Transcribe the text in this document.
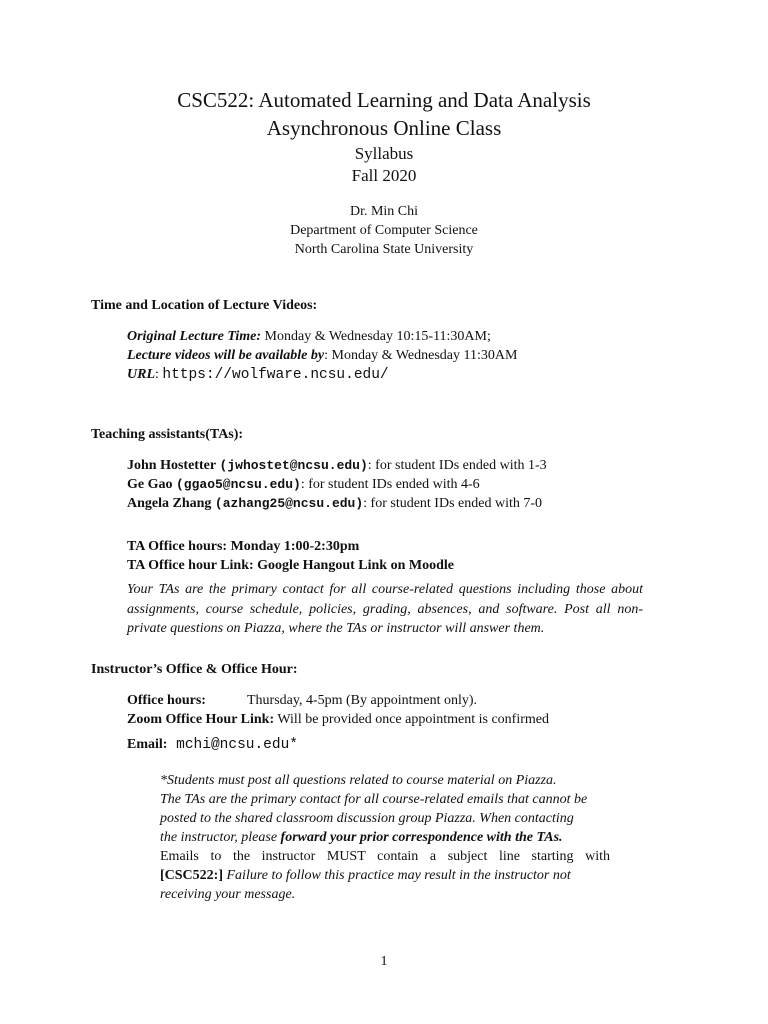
CSC522: Automated Learning and Data Analysis
Asynchronous Online Class
Syllabus
Fall 2020
Dr. Min Chi
Department of Computer Science
North Carolina State University
Time and Location of Lecture Videos:
Original Lecture Time: Monday & Wednesday 10:15-11:30AM;
Lecture videos will be available by: Monday & Wednesday 11:30AM
URL: https://wolfware.ncsu.edu/
Teaching assistants(TAs):
John Hostetter (jwhostet@ncsu.edu): for student IDs ended with 1-3
Ge Gao (ggao5@ncsu.edu): for student IDs ended with 4-6
Angela Zhang (azhang25@ncsu.edu): for student IDs ended with 7-0
TA Office hours: Monday 1:00-2:30pm
TA Office hour Link: Google Hangout Link on Moodle
Your TAs are the primary contact for all course-related questions including those about assignments, course schedule, policies, grading, absences, and software. Post all non-private questions on Piazza, where the TAs or instructor will answer them.
Instructor’s Office & Office Hour:
Office hours:	Thursday, 4-5pm (By appointment only).
Zoom Office Hour Link: Will be provided once appointment is confirmed
Email: mchi@ncsu.edu*
*Students must post all questions related to course material on Piazza.
The TAs are the primary contact for all course-related emails that cannot be
posted to the shared classroom discussion group Piazza. When contacting
the instructor, please forward your prior correspondence with the TAs.
Emails to the instructor MUST contain a subject line starting with
[CSC522:] Failure to follow this practice may result in the instructor not
receiving your message.
1
